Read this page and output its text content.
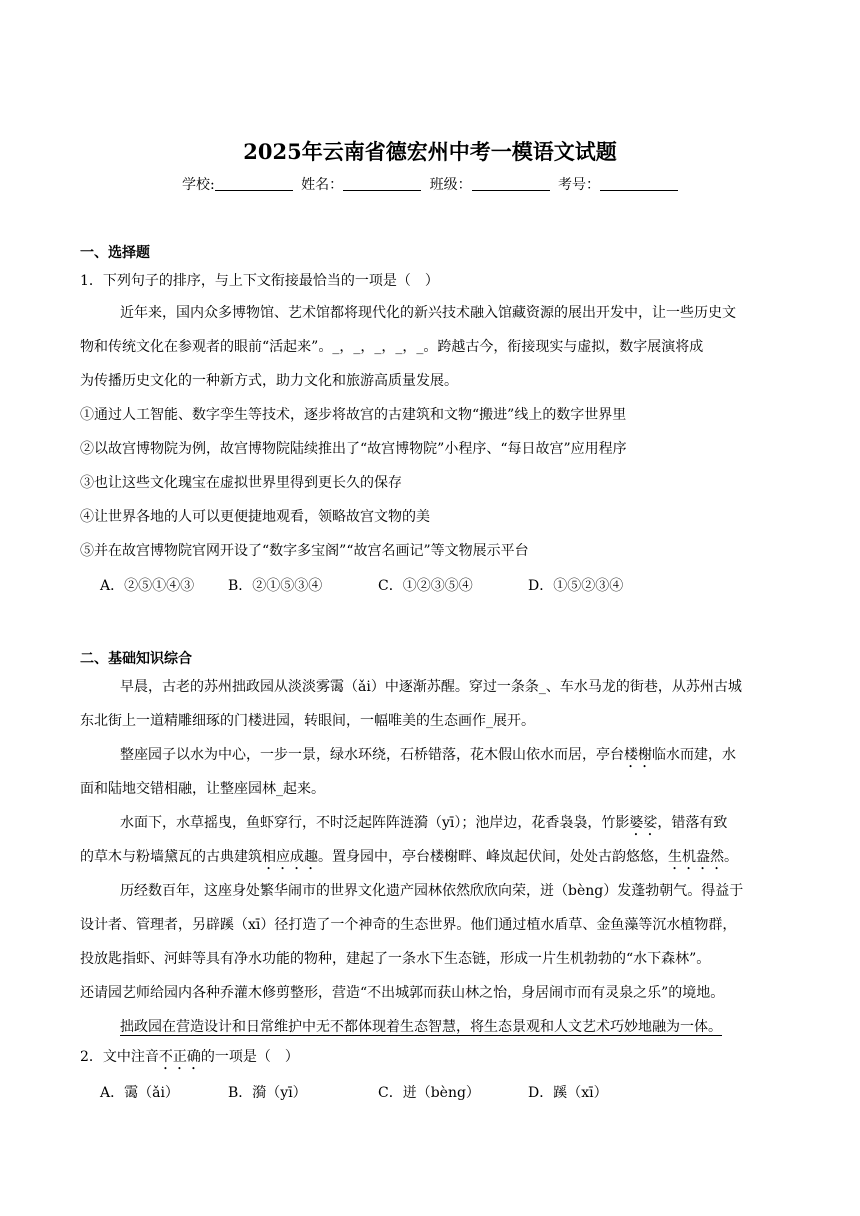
2025年云南省德宏州中考一模语文试题
学校:	姓名：	班级：	考号：
一、选择题
1．下列句子的排序，与上下文衔接最恰当的一项是（　）
近年来，国内众多博物馆、艺术馆都将现代化的新兴技术融入馆藏资源的展出开发中，让一些历史文
物和传统文化在参观者的眼前“活起来”。_，_，_，_，_。跨越古今，衔接现实与虚拟，数字展演将成
为传播历史文化的一种新方式，助力文化和旅游高质量发展。
①通过人工智能、数字孪生等技术，逐步将故宫的古建筑和文物“搬进”线上的数字世界里
②以故宫博物院为例，故宫博物院陆续推出了“故宫博物院”小程序、“每日故宫”应用程序
③也让这些文化瑰宝在虚拟世界里得到更长久的保存
④让世界各地的人可以更便捷地观看，领略故宫文物的美
⑤并在故宫博物院官网开设了“数字多宝阁”“故宫名画记”等文物展示平台
A．②⑤①④③ B．②①⑤③④	C．①②③⑤④	D．①⑤②③④
二、基础知识综合
早晨，古老的苏州拙政园从淡淡雾霭（ǎi）中逐渐苏醒。穿过一条条_、车水马龙的街巷，从苏州古城
东北街上一道精雕细琢的门楼进园，转眼间，一幅唯美的生态画作_展开。
整座园子以水为中心，一步一景，绿水环绕，石桥错落，花木假山依水而居，亭台楼榭临水而建，水
面和陆地交错相融，让整座园林_起来。
水面下，水草摇曳，鱼虾穿行，不时泛起阵阵涟漪（yī）；池岸边，花香袅袅，竹影婆娑，错落有致
的草木与粉墙黛瓦的古典建筑相应成趣。置身园中，亭台楼榭畔、峰岚起伏间，处处古韵悠悠，生机盎然。
历经数百年，这座身处繁华闹市的世界文化遗产园林依然欣欣向荣，迸（bèng）发蓬勃朝气。得益于
设计者、管理者，另辟蹊（xī）径打造了一个神奇的生态世界。他们通过植水盾草、金鱼藻等沉水植物群，
投放匙指虾、河蚌等具有净水功能的物种，建起了一条水下生态链，形成一片生机勃勃的“水下森林”。
还请园艺师给园内各种乔灌木修剪整形，营造“不出城郭而获山林之怡，身居闹市而有灵泉之乐”的境地。
拙政园在营造设计和日常维护中无不都体现着生态智慧，将生态景观和人文艺术巧妙地融为一体。
2．文中注音不正确的一项是（　）
A．霭（ǎi）	B．漪（yī）	C．迸（bèng）	D．蹊（xī）
